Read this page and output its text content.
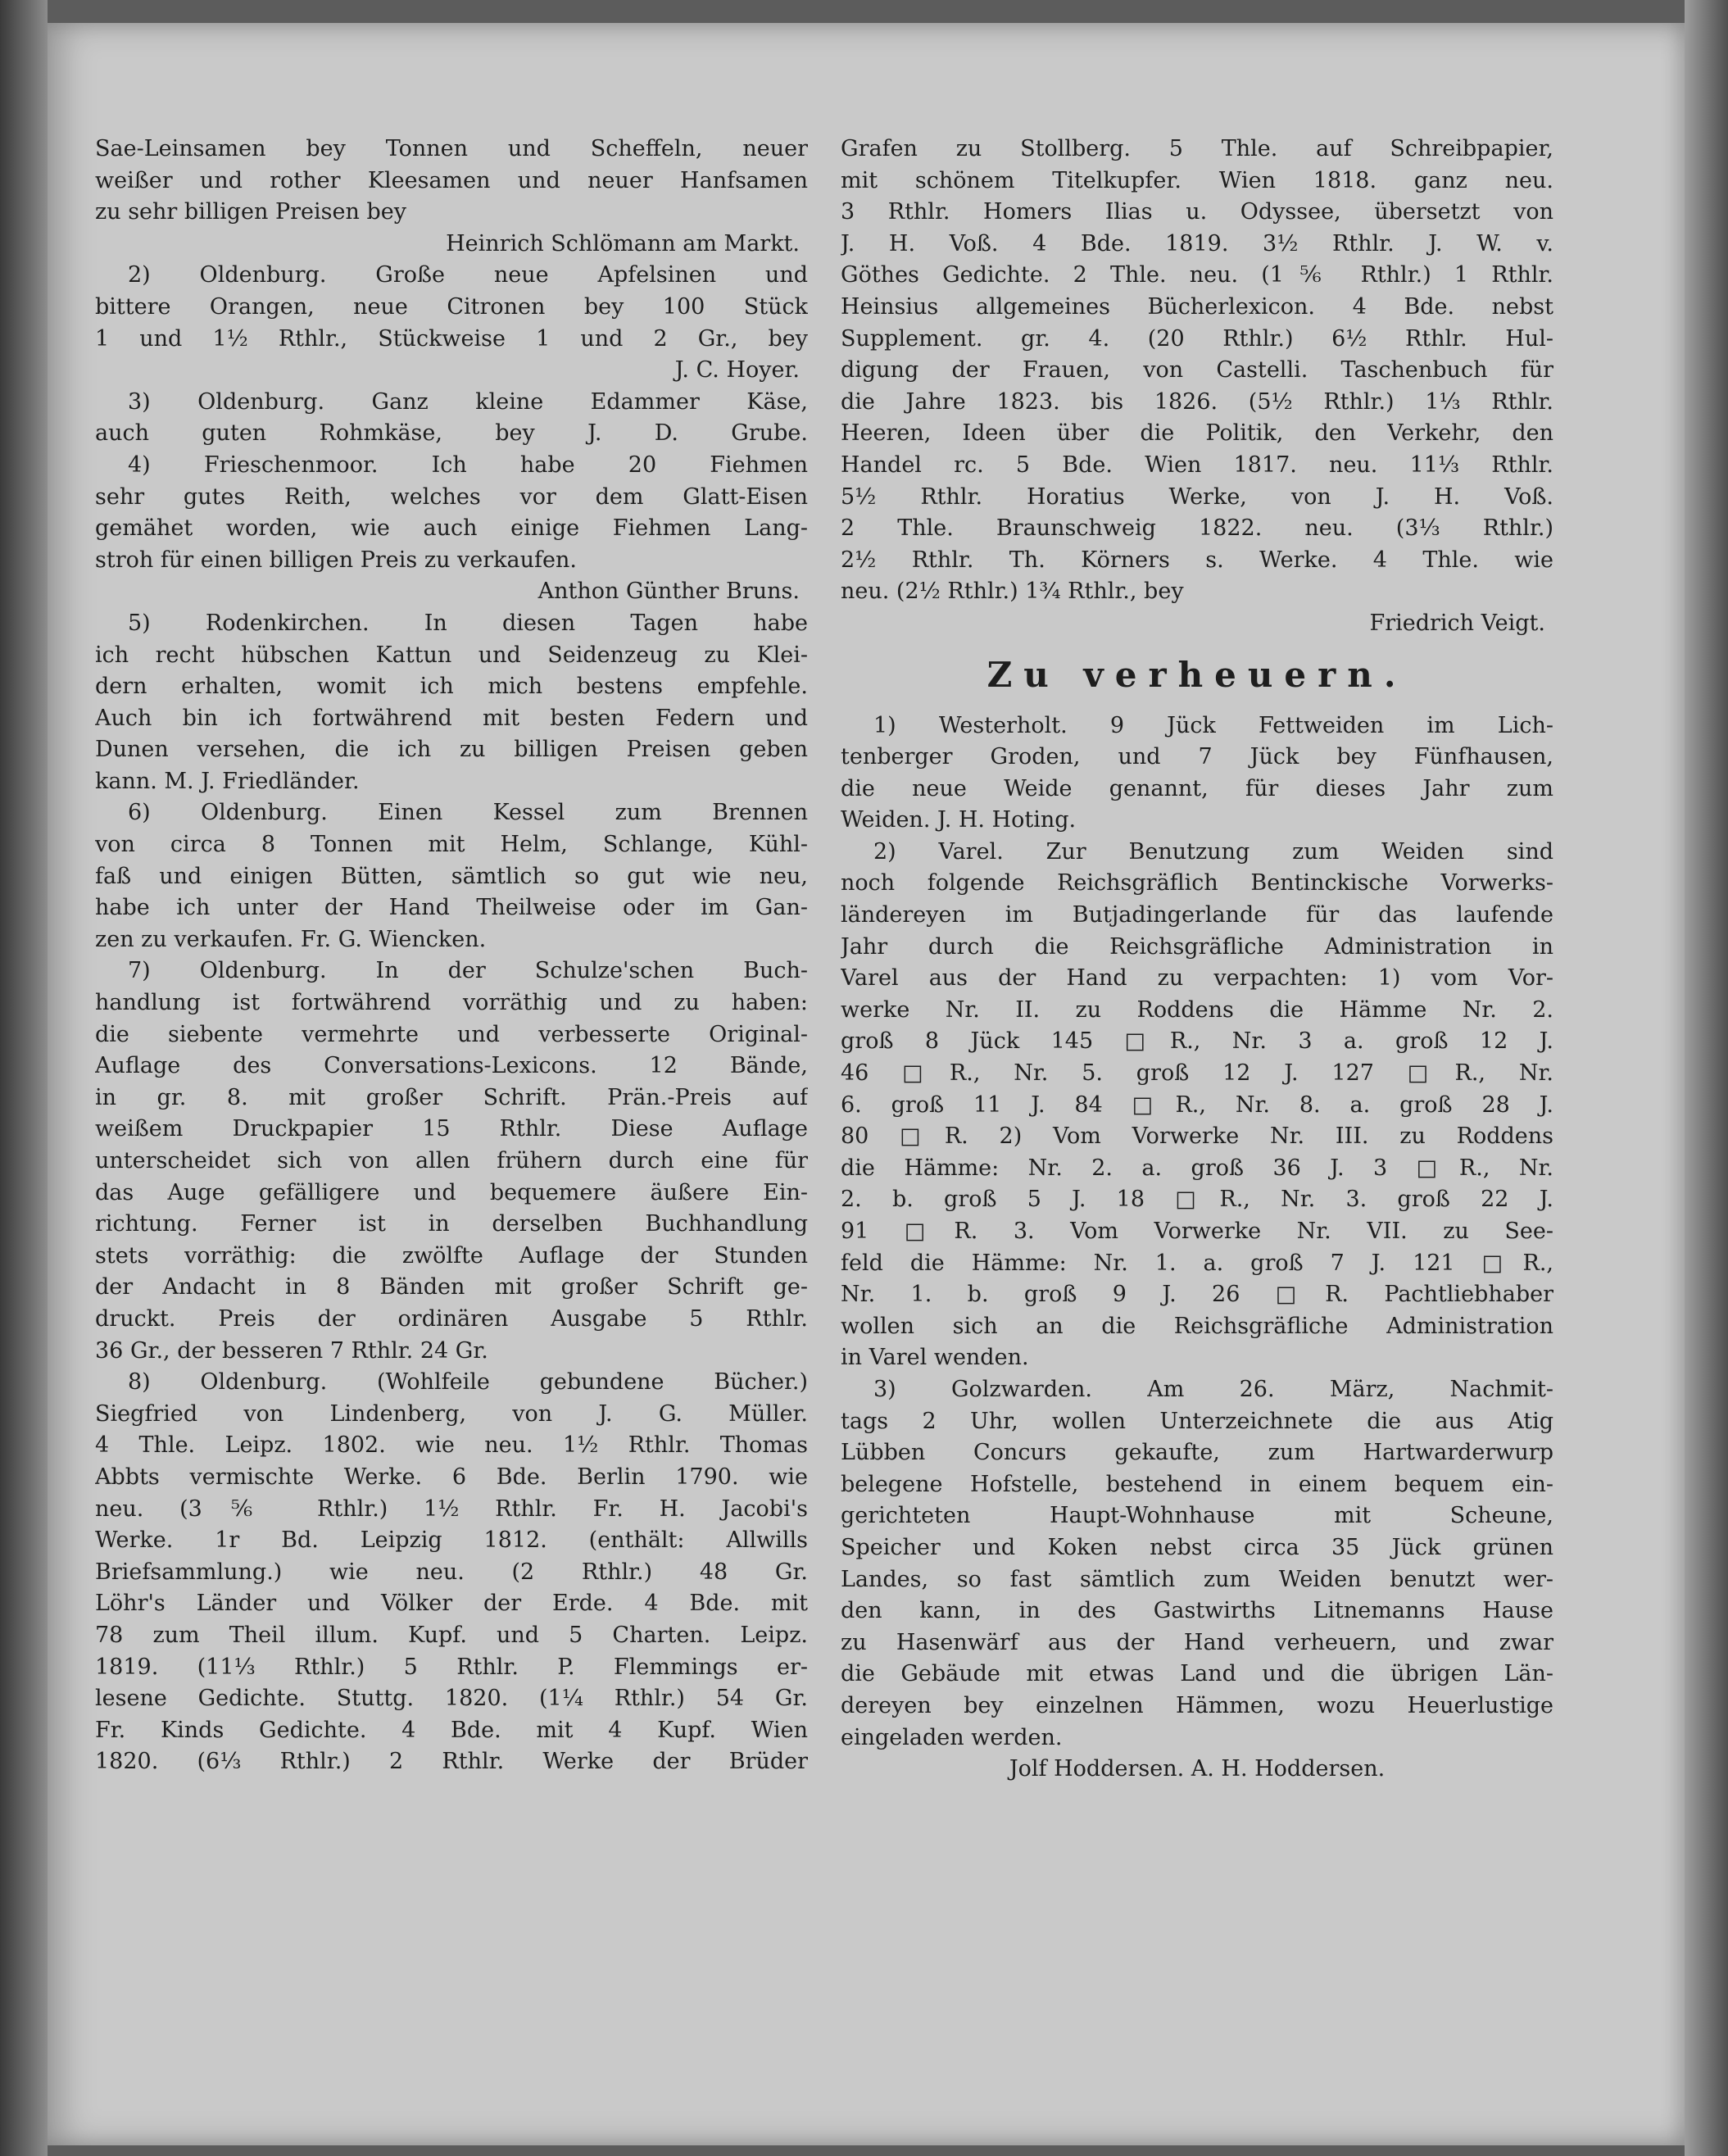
Sae-Leinsamen bey Tonnen und Scheffeln, neuer
weißer und rother Kleesamen und neuer Hanfsamen
zu sehr billigen Preisen bey
Heinrich Schlömann am Markt.
2) Oldenburg. Große neue Apfelsinen und
bittere Orangen, neue Citronen bey 100 Stück
1 und 1½ Rthlr., Stückweise 1 und 2 Gr., bey
J. C. Hoyer.
3) Oldenburg. Ganz kleine Edammer Käse,
auch guten Rohmkäse, bey J. D. Grube.
4) Frieschenmoor. Ich habe 20 Fiehmen
sehr gutes Reith, welches vor dem Glatt-Eisen
gemähet worden, wie auch einige Fiehmen Lang-
stroh für einen billigen Preis zu verkaufen.
Anthon Günther Bruns.
5) Rodenkirchen. In diesen Tagen habe
ich recht hübschen Kattun und Seidenzeug zu Klei-
dern erhalten, womit ich mich bestens empfehle.
Auch bin ich fortwährend mit besten Federn und
Dunen versehen, die ich zu billigen Preisen geben
kann. M. J. Friedländer.
6) Oldenburg. Einen Kessel zum Brennen
von circa 8 Tonnen mit Helm, Schlange, Kühl-
faß und einigen Bütten, sämtlich so gut wie neu,
habe ich unter der Hand Theilweise oder im Gan-
zen zu verkaufen. Fr. G. Wiencken.
7) Oldenburg. In der Schulze'schen Buch-
handlung ist fortwährend vorräthig und zu haben:
die siebente vermehrte und verbesserte Original-
Auflage des Conversations-Lexicons. 12 Bände,
in gr. 8. mit großer Schrift. Prän.-Preis auf
weißem Druckpapier 15 Rthlr. Diese Auflage
unterscheidet sich von allen frühern durch eine für
das Auge gefälligere und bequemere äußere Ein-
richtung. Ferner ist in derselben Buchhandlung
stets vorräthig: die zwölfte Auflage der Stunden
der Andacht in 8 Bänden mit großer Schrift ge-
druckt. Preis der ordinären Ausgabe 5 Rthlr.
36 Gr., der besseren 7 Rthlr. 24 Gr.
8) Oldenburg. (Wohlfeile gebundene Bücher.)
Siegfried von Lindenberg, von J. G. Müller.
4 Thle. Leipz. 1802. wie neu. 1½ Rthlr. Thomas
Abbts vermischte Werke. 6 Bde. Berlin 1790. wie
neu. (3⅚ Rthlr.) 1½ Rthlr. Fr. H. Jacobi's
Werke. 1r Bd. Leipzig 1812. (enthält: Allwills
Briefsammlung.) wie neu. (2 Rthlr.) 48 Gr.
Löhr's Länder und Völker der Erde. 4 Bde. mit
78 zum Theil illum. Kupf. und 5 Charten. Leipz.
1819. (11⅓ Rthlr.) 5 Rthlr. P. Flemmings er-
lesene Gedichte. Stuttg. 1820. (1¼ Rthlr.) 54 Gr.
Fr. Kinds Gedichte. 4 Bde. mit 4 Kupf. Wien
1820. (6⅓ Rthlr.) 2 Rthlr. Werke der Brüder
Grafen zu Stollberg. 5 Thle. auf Schreibpapier,
mit schönem Titelkupfer. Wien 1818. ganz neu.
3 Rthlr. Homers Ilias u. Odyssee, übersetzt von
J. H. Voß. 4 Bde. 1819. 3½ Rthlr. J. W. v.
Göthes Gedichte. 2 Thle. neu. (1⅚ Rthlr.) 1 Rthlr.
Heinsius allgemeines Bücherlexicon. 4 Bde. nebst
Supplement. gr. 4. (20 Rthlr.) 6½ Rthlr. Hul-
digung der Frauen, von Castelli. Taschenbuch für
die Jahre 1823. bis 1826. (5½ Rthlr.) 1⅓ Rthlr.
Heeren, Ideen über die Politik, den Verkehr, den
Handel rc. 5 Bde. Wien 1817. neu. 11⅓ Rthlr.
5½ Rthlr. Horatius Werke, von J. H. Voß.
2 Thle. Braunschweig 1822. neu. (3⅓ Rthlr.)
2½ Rthlr. Th. Körners s. Werke. 4 Thle. wie
neu. (2½ Rthlr.) 1¾ Rthlr., bey
Friedrich Veigt.
Zu verheuern.
1) Westerholt. 9 Jück Fettweiden im Lich-
tenberger Groden, und 7 Jück bey Fünfhausen,
die neue Weide genannt, für dieses Jahr zum
Weiden. J. H. Hoting.
2) Varel. Zur Benutzung zum Weiden sind
noch folgende Reichsgräflich Bentinckische Vorwerks-
ländereyen im Butjadingerlande für das laufende
Jahr durch die Reichsgräfliche Administration in
Varel aus der Hand zu verpachten: 1) vom Vor-
werke Nr. II. zu Roddens die Hämme Nr. 2.
groß 8 Jück 145 □R., Nr. 3 a. groß 12 J.
46 □R., Nr. 5. groß 12 J. 127 □R., Nr.
6. groß 11 J. 84 □R., Nr. 8. a. groß 28 J.
80 □R. 2) Vom Vorwerke Nr. III. zu Roddens
die Hämme: Nr. 2. a. groß 36 J. 3 □R., Nr.
2. b. groß 5 J. 18 □R., Nr. 3. groß 22 J.
91 □R. 3. Vom Vorwerke Nr. VII. zu See-
feld die Hämme: Nr. 1. a. groß 7 J. 121 □R.,
Nr. 1. b. groß 9 J. 26 □R. Pachtliebhaber
wollen sich an die Reichsgräfliche Administration
in Varel wenden.
3) Golzwarden. Am 26. März, Nachmit-
tags 2 Uhr, wollen Unterzeichnete die aus Atig
Lübben Concurs gekaufte, zum Hartwarderwurp
belegene Hofstelle, bestehend in einem bequem ein-
gerichteten Haupt-Wohnhause mit Scheune,
Speicher und Koken nebst circa 35 Jück grünen
Landes, so fast sämtlich zum Weiden benutzt wer-
den kann, in des Gastwirths Litnemanns Hause
zu Hasenwärf aus der Hand verheuern, und zwar
die Gebäude mit etwas Land und die übrigen Län-
dereyen bey einzelnen Hämmen, wozu Heuerlustige
eingeladen werden.
Jolf Hoddersen. A. H. Hoddersen.
